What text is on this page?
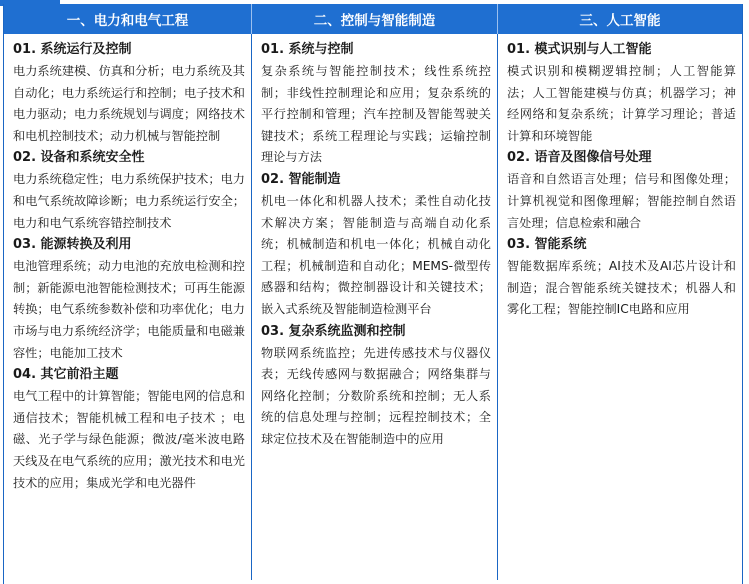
一、电力和电气工程	二、控制与智能制造	三、人工智能
01. 系统运行及控制

电力系统建模、仿真和分析；电力系统及其自动化；电力系统运行和控制；电子技术和电力驱动；电力系统规划与调度；网络技术和电机控制技术；动力机械与智能控制

02. 设备和系统安全性

电力系统稳定性；电力系统保护技术；电力和电气系统故障诊断；电力系统运行安全；电力和电气系统容错控制技术

03. 能源转换及利用

电池管理系统；动力电池的充放电检测和控制；新能源电池智能检测技术；可再生能源转换；电气系统参数补偿和功率优化；电力市场与电力系统经济学；电能质量和电磁兼容性；电能加工技术

04. 其它前沿主题

电气工程中的计算智能；智能电网的信息和通信技术；智能机械工程和电子技术 ；电磁、光子学与绿色能源；微波/毫米波电路天线及在电气系统的应用；激光技术和电光技术的应用；集成光学和电光器件

01. 系统与控制

复杂系统与智能控制技术；线性系统控制；非线性控制理论和应用；复杂系统的平行控制和管理；汽车控制及智能驾驶关键技术；系统工程理论与实践；运输控制理论与方法

02. 智能制造

机电一体化和机器人技术；柔性自动化技术解决方案；智能制造与高端自动化系统；机械制造和机电一体化；机械自动化工程；机械制造和自动化；MEMS-微型传感器和结构；微控制器设计和关键技术；嵌入式系统及智能制造检测平台

03. 复杂系统监测和控制

物联网系统监控；先进传感技术与仪器仪表；无线传感网与数据融合；网络集群与网络化控制；分数阶系统和控制；无人系统的信息处理与控制；远程控制技术；全球定位技术及在智能制造中的应用

01. 模式识别与人工智能

模式识别和模糊逻辑控制；人工智能算法；人工智能建模与仿真；机器学习；神经网络和复杂系统；计算学习理论；普适计算和环境智能

02. 语音及图像信号处理

语音和自然语言处理；信号和图像处理；计算机视觉和图像理解；智能控制自然语言处理；信息检索和融合

03. 智能系统

智能数据库系统；AI技术及AI芯片设计和制造；混合智能系统关键技术；机器人和雾化工程；智能控制IC电路和应用
